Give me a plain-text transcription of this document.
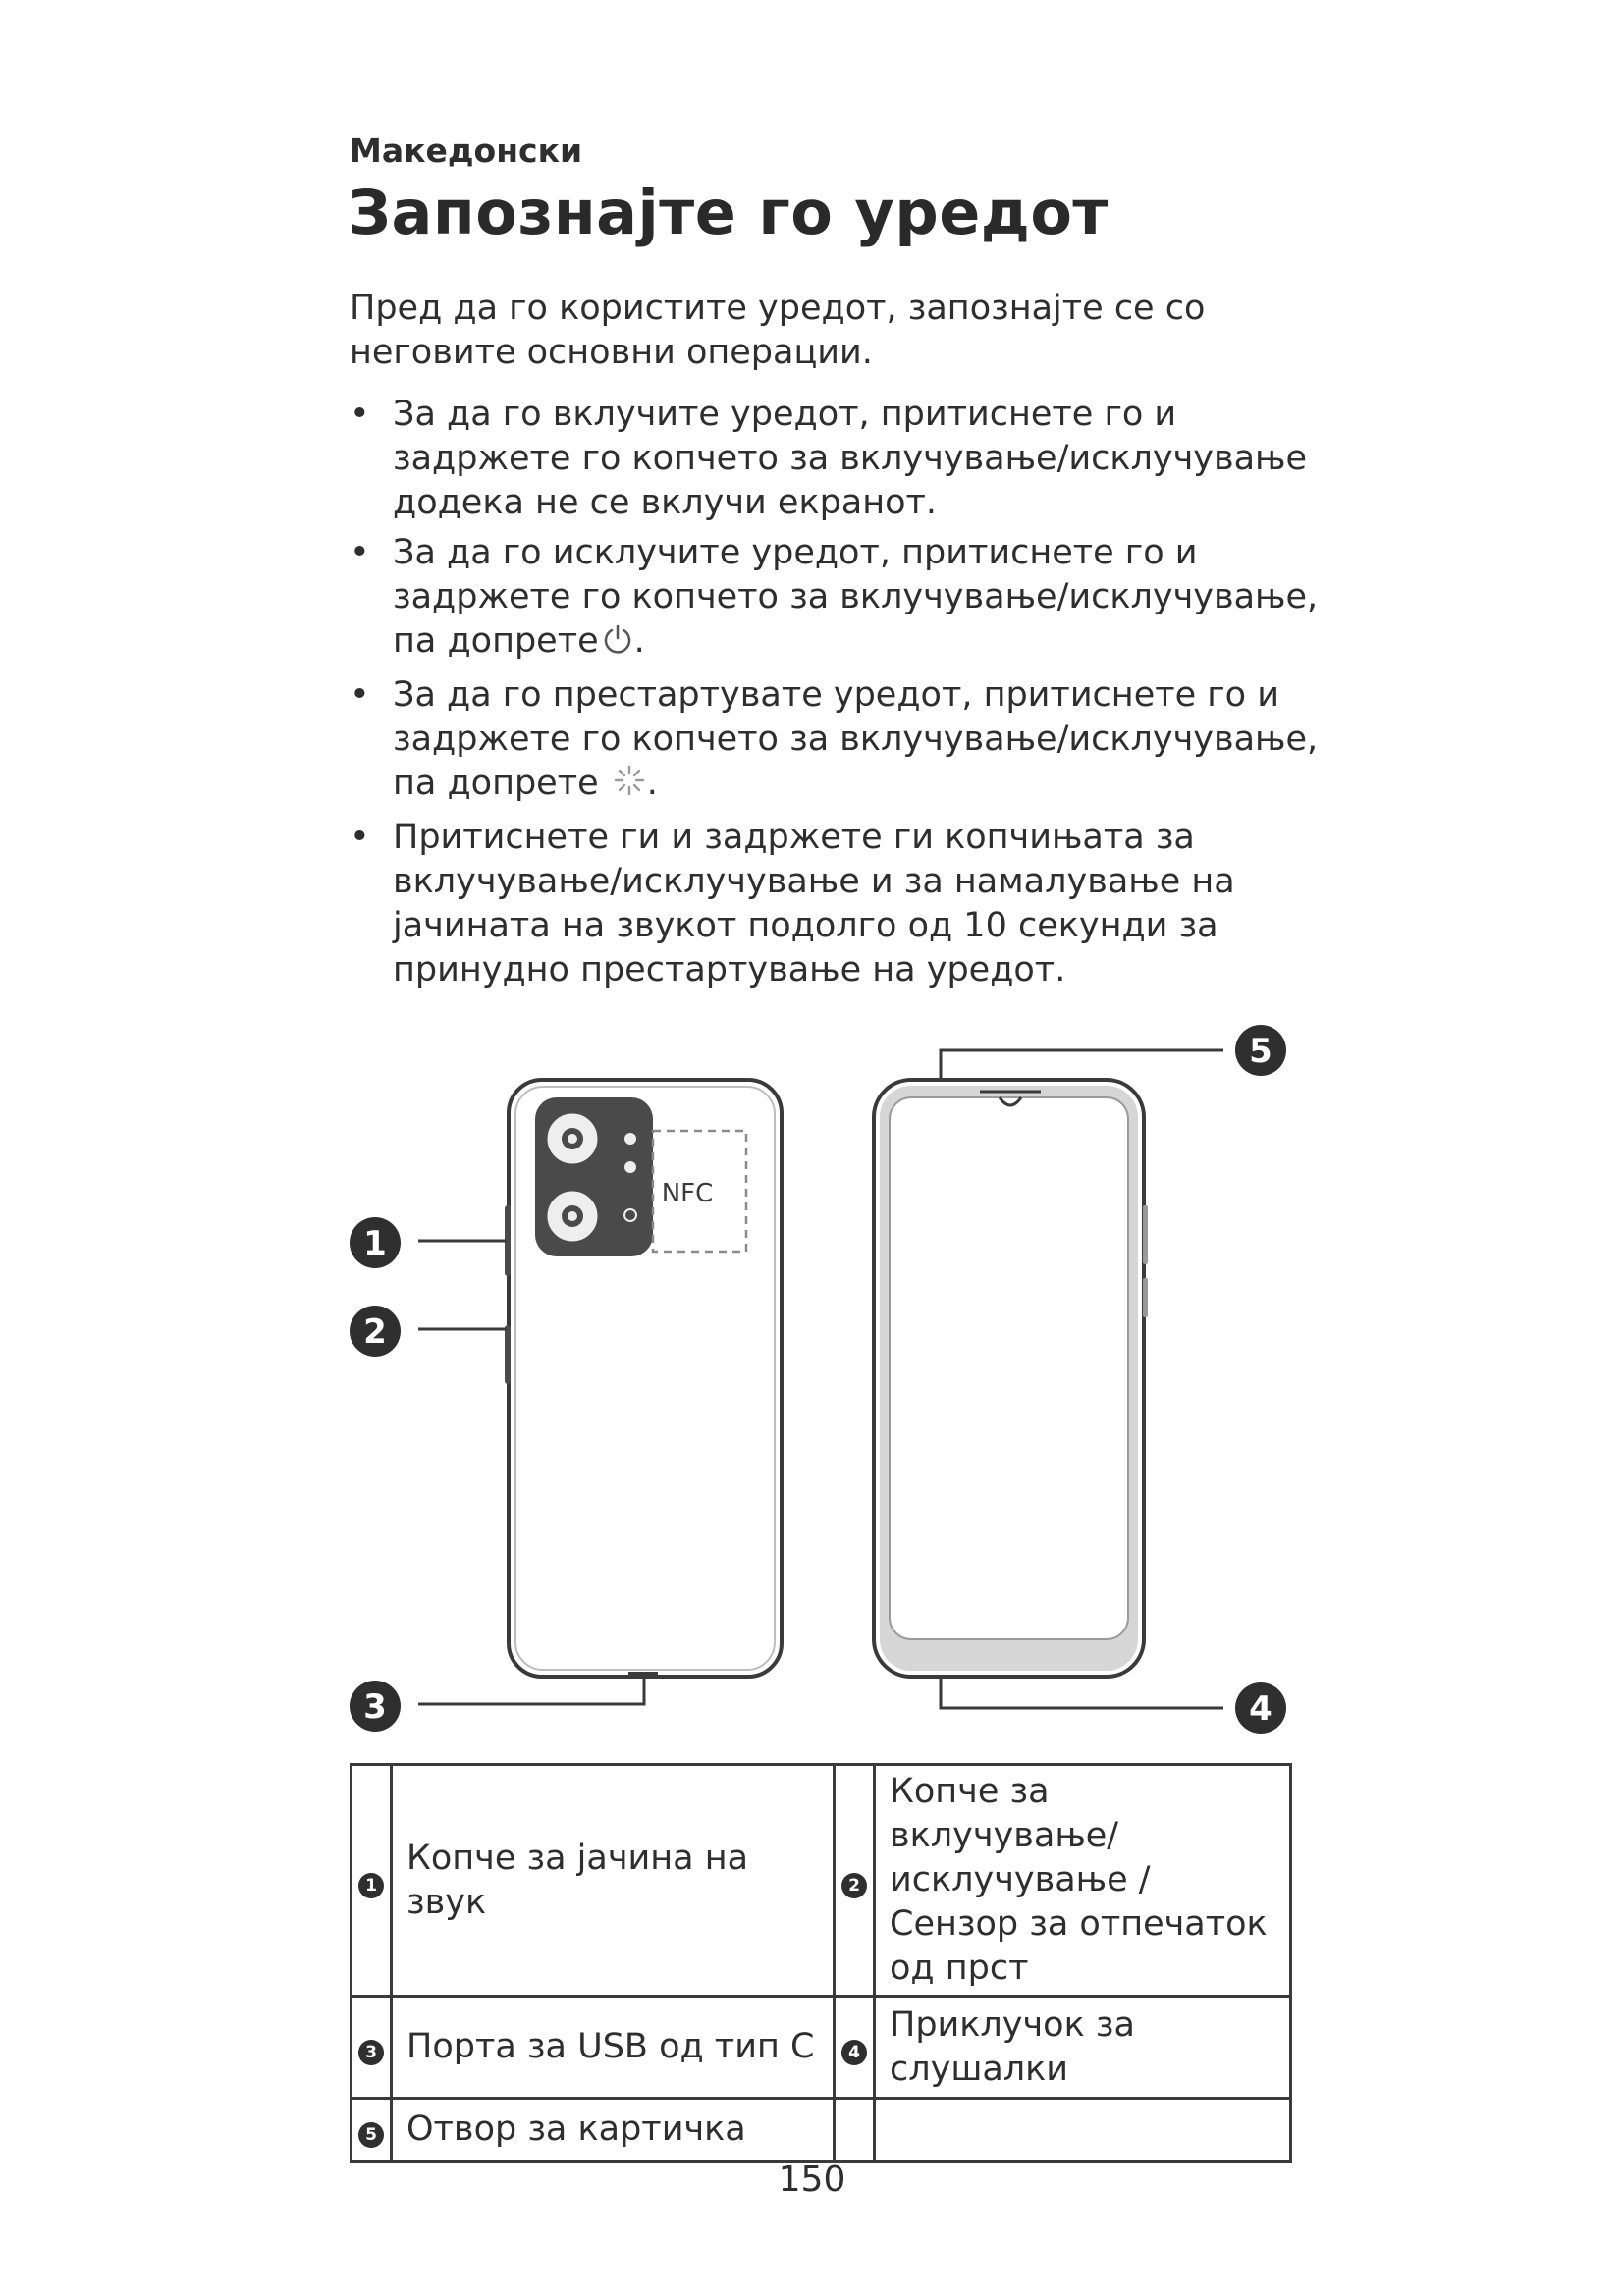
Македонски
Запознајте го уредот
Пред да го користите уредот, запознајте се со неговите основни операции.
• За да го вклучите уредот, притиснете го и задржете го копчето за вклучување/исклучување додека не се вклучи екранот.
• За да го исклучите уредот, притиснете го и задржете го копчето за вклучување/исклучување, па допрете .
• За да го престартувате уредот, притиснете го и задржете го копчето за вклучување/исклучување, па допрете .
• Притиснете ги и задржете ги копчињата за вклучување/исклучување и за намалување на јачината на звукот подолго од 10 секунди за принудно престартување на уредот.
NFC
1
2
3	4
5
1	Копче за јачина на звук	2	Копче за вклучување/ исклучување / Сензор за отпечаток од прст
3	Порта за USB од тип C	4	Приклучок за слушалки
5	Отвор за картичка		
150
